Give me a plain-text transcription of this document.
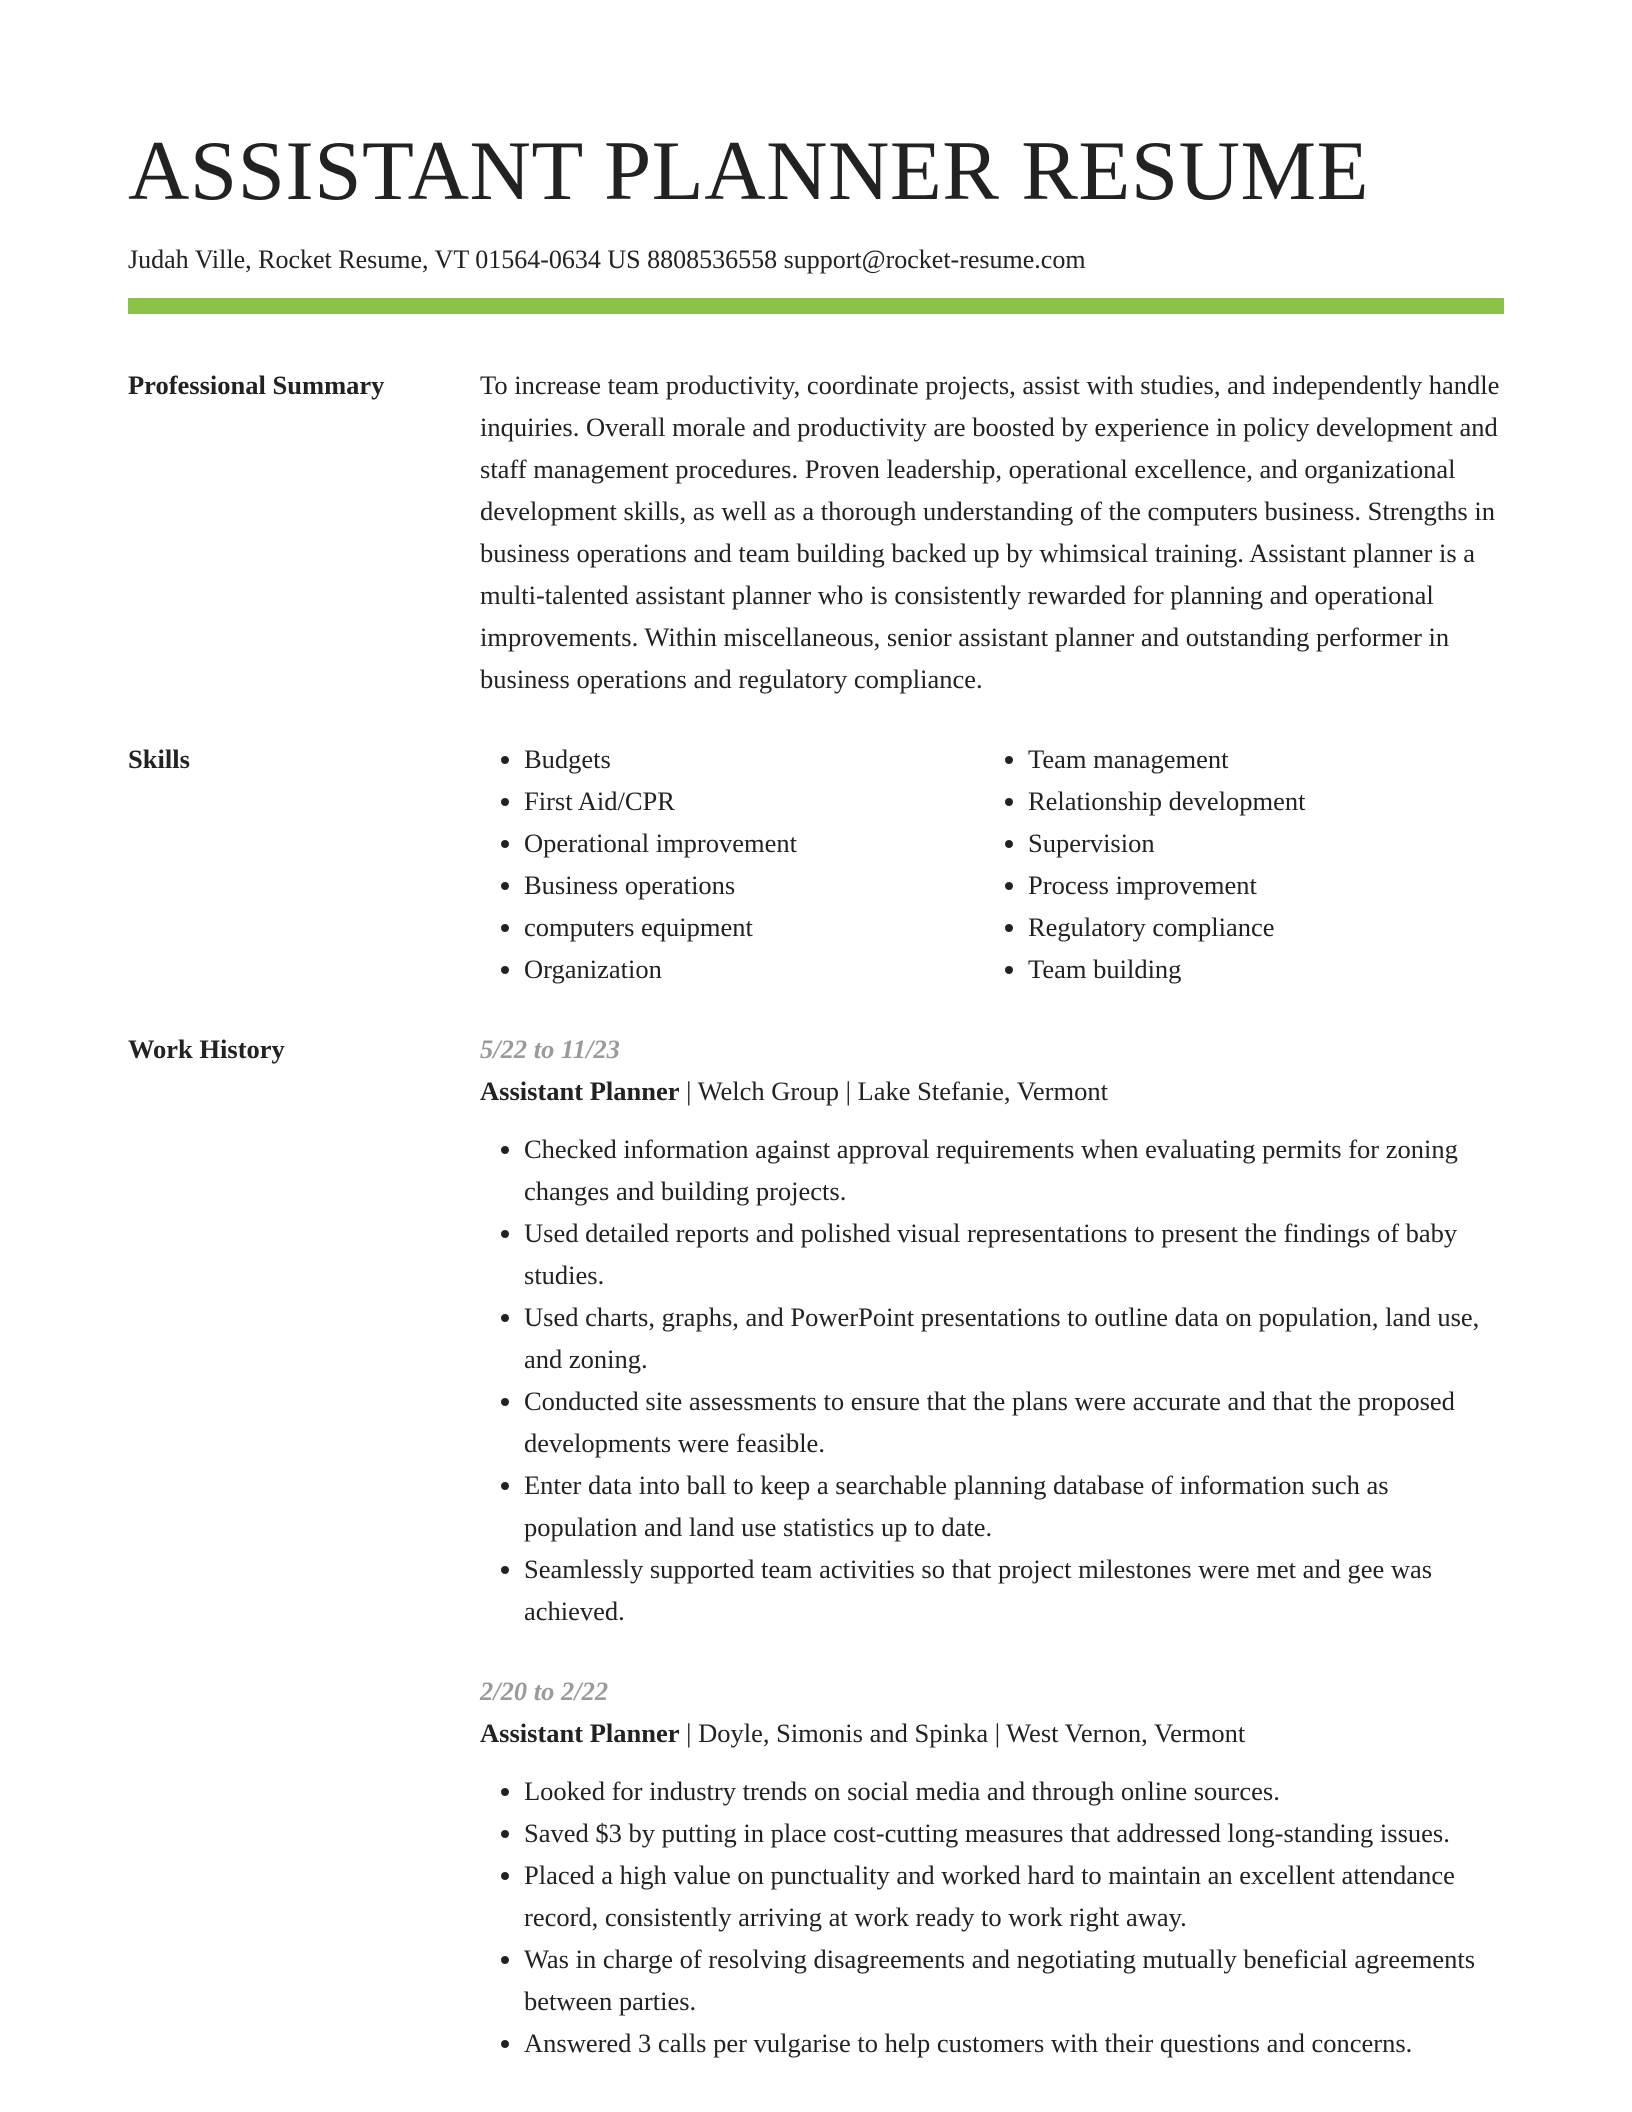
ASSISTANT PLANNER RESUME
Judah Ville, Rocket Resume, VT 01564-0634 US 8808536558 support@rocket-resume.com
Professional Summary	To increase team productivity, coordinate projects, assist with studies, and independently handle inquiries. Overall morale and productivity are boosted by experience in policy development and staff management procedures. Proven leadership, operational excellence, and organizational development skills, as well as a thorough understanding of the computers business. Strengths in business operations and team building backed up by whimsical training. Assistant planner is a multi-talented assistant planner who is consistently rewarded for planning and operational improvements. Within miscellaneous, senior assistant planner and outstanding performer in business operations and regulatory compliance.

Skills
•	Budgets
• First Aid/CPR
• Operational improvement
• Business operations
• computers equipment
• Organization
• Team management
• Relationship development
• Supervision
• Process improvement
• Regulatory compliance
• Team building
Work History	5/22 to 11/23
Assistant Planner | Welch Group | Lake Stefanie, Vermont
• Checked information against approval requirements when evaluating permits for zoning changes and building projects.
• Used detailed reports and polished visual representations to present the findings of baby studies.
• Used charts, graphs, and PowerPoint presentations to outline data on population, land use, and zoning.
• Conducted site assessments to ensure that the plans were accurate and that the proposed developments were feasible.
• Enter data into ball to keep a searchable planning database of information such as population and land use statistics up to date.
• Seamlessly supported team activities so that project milestones were met and gee was achieved.
2/20 to 2/22
Assistant Planner | Doyle, Simonis and Spinka | West Vernon, Vermont
• Looked for industry trends on social media and through online sources.
• Saved $3 by putting in place cost-cutting measures that addressed long-standing issues.
• Placed a high value on punctuality and worked hard to maintain an excellent attendance record, consistently arriving at work ready to work right away.
• Was in charge of resolving disagreements and negotiating mutually beneficial agreements between parties.
• Answered 3 calls per vulgarise to help customers with their questions and concerns.
